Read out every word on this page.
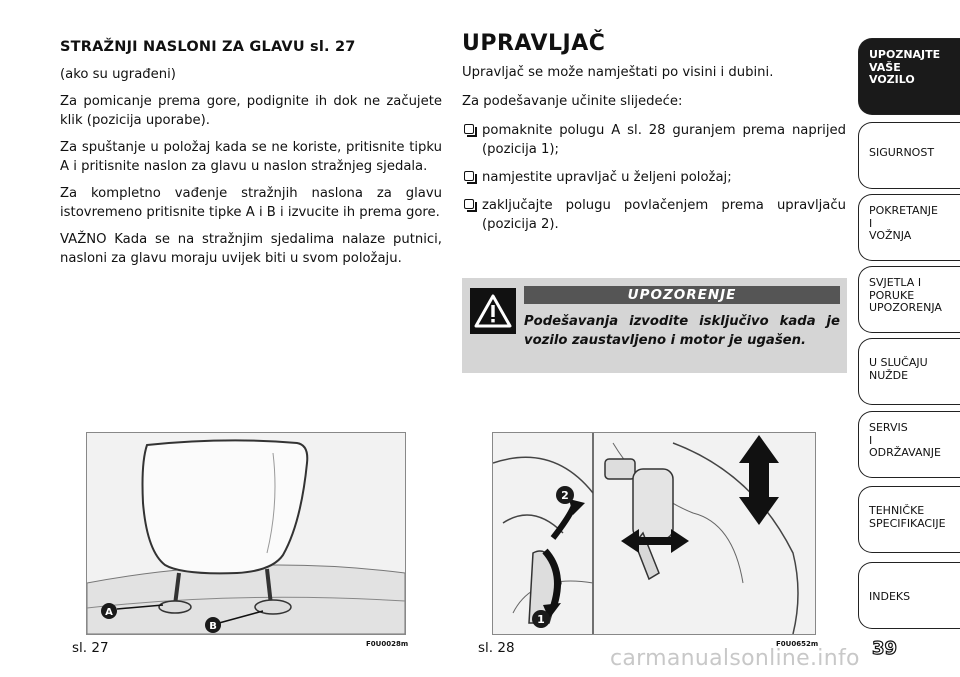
STRAŽNJI NASLONI ZA GLAVU sl. 27

(ako su ugrađeni)

Za pomicanje prema gore, podignite ih dok ne začujete klik (pozicija uporabe).

Za spuštanje u položaj kada se ne koriste, pritisnite tipku A i pritisnite naslon za glavu u naslon stražnjeg sjedala.

Za kompletno vađenje stražnjih naslona za glavu istovremeno pritisnite tipke A i B i izvucite ih prema gore.

VAŽNO Kada se na stražnjim sjedalima nalaze putnici, nasloni za glavu moraju uvijek biti u svom položaju.

UPRAVLJAČ

Upravljač se može namještati po visini i dubini.

Za podešavanje učinite slijedeće:

pomaknite polugu A sl. 28 guranjem prema naprijed (pozicija 1);
namjestite upravljač u željeni položaj;
zaključajte polugu povlačenjem prema upravljaču (pozicija 2).
UPOZORENJE
Podešavanja izvodite isključivo kada je vozilo zaustavljeno i motor je ugašen.
A
B
sl. 27	F0U0028m
2
1
sl. 28	F0U0652m
UPOZNAJTE
VAŠE
VOZILO
SIGURNOST
POKRETANJE
I
VOŽNJA
SVJETLA I
PORUKE
UPOZORENJA
U SLUČAJU
NUŽDE
SERVIS
I
ODRŽAVANJE
TEHNIČKE
SPECIFIKACIJE
INDEKS
carmanualsonline.info 39
